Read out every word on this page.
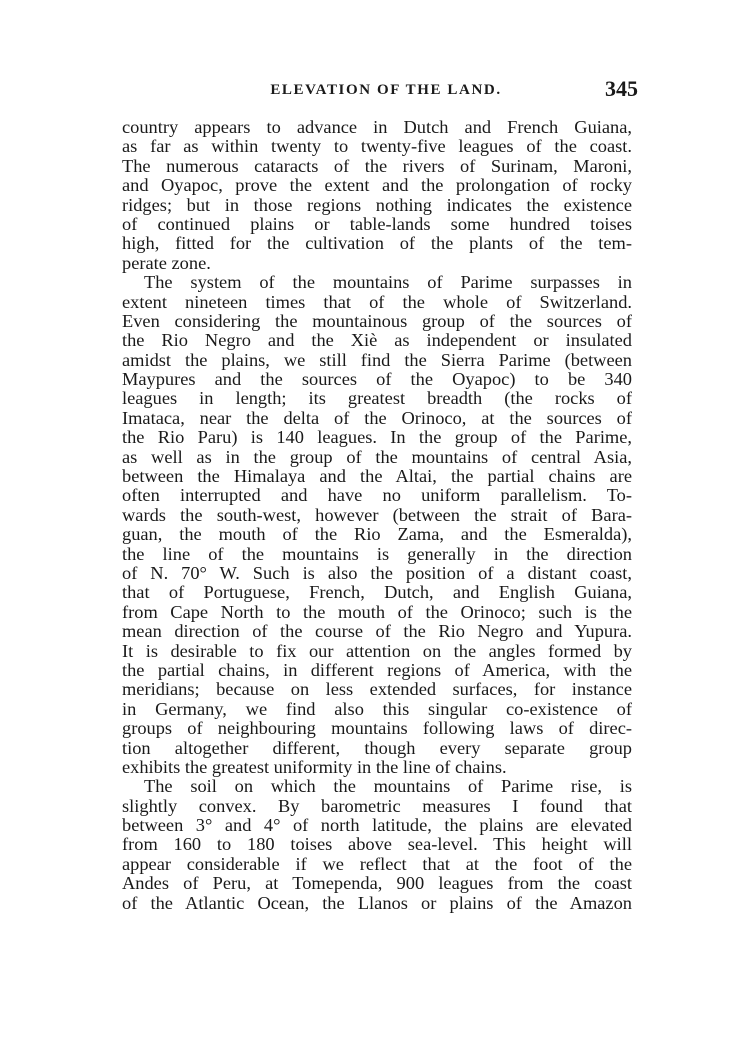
ELEVATION OF THE LAND.	345
country appears to advance in Dutch and French Guiana,
as far as within twenty to twenty-five leagues of the coast.
The numerous cataracts of the rivers of Surinam, Maroni,
and Oyapoc, prove the extent and the prolongation of rocky
ridges; but in those regions nothing indicates the existence
of continued plains or table-lands some hundred toises
high, fitted for the cultivation of the plants of the tem-
perate zone.
The system of the mountains of Parime surpasses in
extent nineteen times that of the whole of Switzerland.
Even considering the mountainous group of the sources of
the Rio Negro and the Xiè as independent or insulated
amidst the plains, we still find the Sierra Parime (between
Maypures and the sources of the Oyapoc) to be 340
leagues in length; its greatest breadth (the rocks of
Imataca, near the delta of the Orinoco, at the sources of
the Rio Paru) is 140 leagues. In the group of the Parime,
as well as in the group of the mountains of central Asia,
between the Himalaya and the Altai, the partial chains are
often interrupted and have no uniform parallelism. To-
wards the south-west, however (between the strait of Bara-
guan, the mouth of the Rio Zama, and the Esmeralda),
the line of the mountains is generally in the direction
of N. 70° W. Such is also the position of a distant coast,
that of Portuguese, French, Dutch, and English Guiana,
from Cape North to the mouth of the Orinoco; such is the
mean direction of the course of the Rio Negro and Yupura.
It is desirable to fix our attention on the angles formed by
the partial chains, in different regions of America, with the
meridians; because on less extended surfaces, for instance
in Germany, we find also this singular co-existence of
groups of neighbouring mountains following laws of direc-
tion altogether different, though every separate group
exhibits the greatest uniformity in the line of chains.
The soil on which the mountains of Parime rise, is
slightly convex. By barometric measures I found that
between 3° and 4° of north latitude, the plains are elevated
from 160 to 180 toises above sea-level. This height will
appear considerable if we reflect that at the foot of the
Andes of Peru, at Tomependa, 900 leagues from the coast
of the Atlantic Ocean, the Llanos or plains of the Amazon
